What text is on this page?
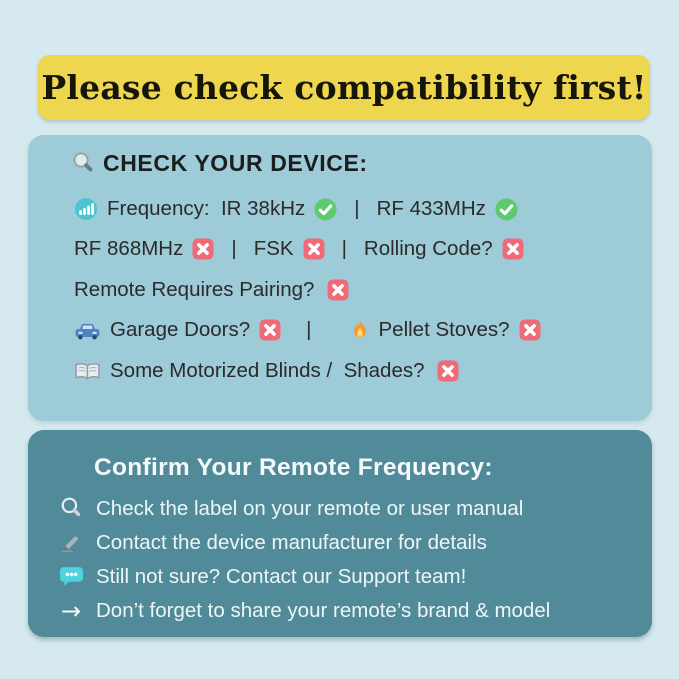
Please check compatibility first!
CHECK YOUR DEVICE:
Frequency:  IR 38kHz | RF 433MHz
RF 868MHz | FSK | Rolling Code?
Remote Requires Pairing?
Garage Doors?	|	Pellet Stoves?
Some Motorized Blinds /  Shades?
Confirm Your Remote Frequency:
Check the label on your remote or user manual
Contact the device manufacturer for details
Still not sure? Contact our Support team!
→ Don’t forget to share your remote’s brand & model
